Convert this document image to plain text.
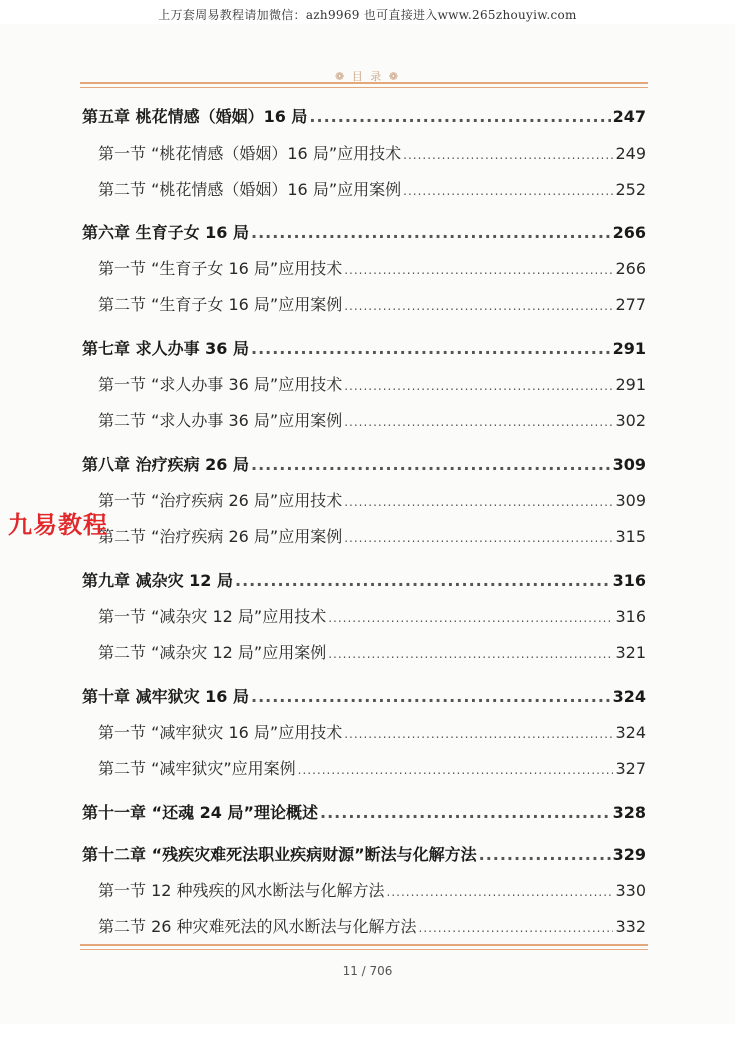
上万套周易教程请加微信：azh9969 也可直接进入www.265zhouyiw.com
❁ 目 录 ❁
第五章 桃花情感（婚姻）16 局 .....	247
第一节 “桃花情感（婚姻）16 局”应用技术 .....	249
第二节 “桃花情感（婚姻）16 局”应用案例 .....	252
第六章 生育子女 16 局 .....	266
第一节 “生育子女 16 局”应用技术 .....	266
第二节 “生育子女 16 局”应用案例 .....	277
第七章 求人办事 36 局 .....	291
第一节 “求人办事 36 局”应用技术 .....	291
第二节 “求人办事 36 局”应用案例 .....	302
第八章 治疗疾病 26 局 .....	309
第一节 “治疗疾病 26 局”应用技术 .....	309
第二节 “治疗疾病 26 局”应用案例 .....	315
第九章 减杂灾 12 局 .....	316
第一节 “减杂灾 12 局”应用技术 .....	316
第二节 “减杂灾 12 局”应用案例 .....	321
第十章 减牢狱灾 16 局 .....	324
第一节 “减牢狱灾 16 局”应用技术 .....	324
第二节 “减牢狱灾”应用案例 .....	327
第十一章 “还魂 24 局”理论概述 .....	328
第十二章 “残疾灾难死法职业疾病财源”断法与化解方法 .....	329
第一节 12 种残疾的风水断法与化解方法 .....	330
第二节 26 种灾难死法的风水断法与化解方法 .....	332
11 / 706
九易教程
